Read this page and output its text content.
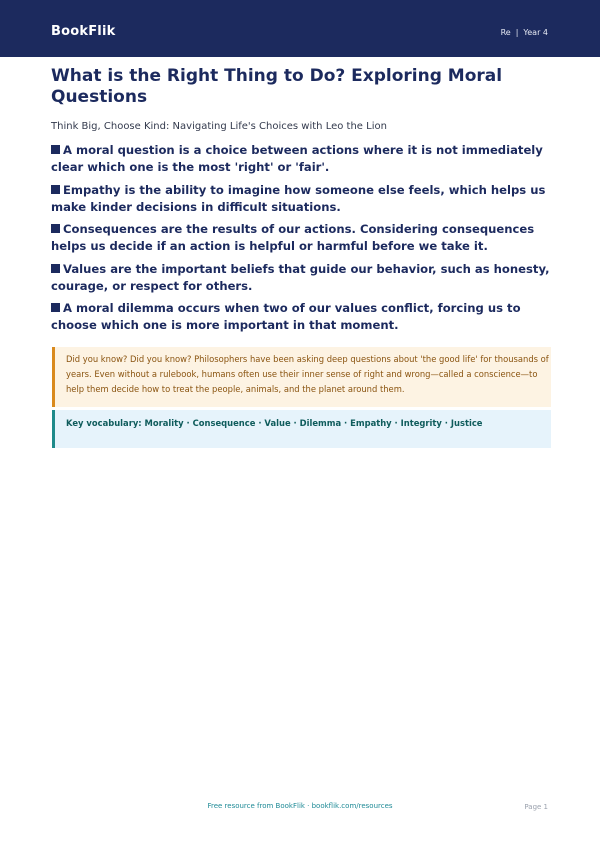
BookFlik	Re | Year 4
What is the Right Thing to Do? Exploring Moral Questions
Think Big, Choose Kind: Navigating Life's Choices with Leo the Lion
A moral question is a choice between actions where it is not immediately clear which one is the most 'right' or 'fair'.
Empathy is the ability to imagine how someone else feels, which helps us make kinder decisions in difficult situations.
Consequences are the results of our actions. Considering consequences helps us decide if an action is helpful or harmful before we take it.
Values are the important beliefs that guide our behavior, such as honesty, courage, or respect for others.
A moral dilemma occurs when two of our values conflict, forcing us to choose which one is more important in that moment.
Did you know? Did you know? Philosophers have been asking deep questions about 'the good life' for thousands of years. Even without a rulebook, humans often use their inner sense of right and wrong—called a conscience—to help them decide how to treat the people, animals, and the planet around them.
Key vocabulary: Morality · Consequence · Value · Dilemma · Empathy · Integrity · Justice
Free resource from BookFlik · bookflik.com/resources	Page 1
